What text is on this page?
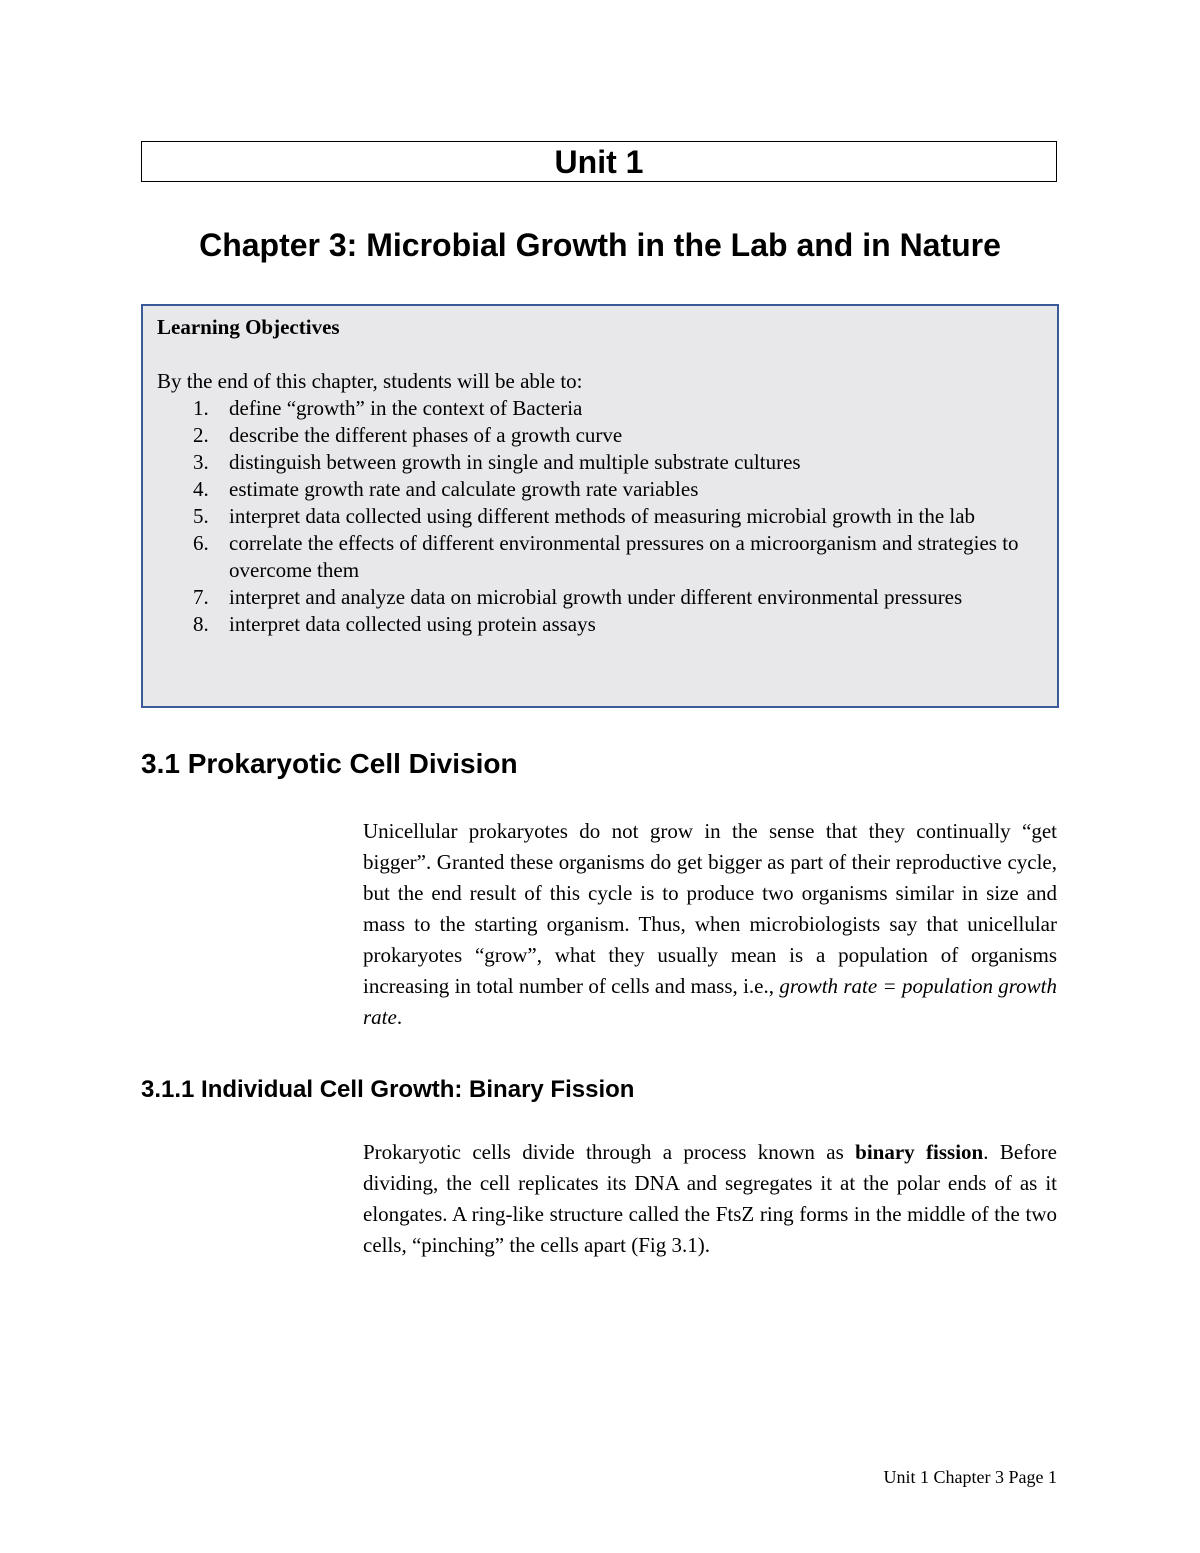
Unit 1
Chapter 3: Microbial Growth in the Lab and in Nature

Learning Objectives

By the end of this chapter, students will be able to:

1. define “growth” in the context of Bacteria
2. describe the different phases of a growth curve
3. distinguish between growth in single and multiple substrate cultures
4. estimate growth rate and calculate growth rate variables
5. interpret data collected using different methods of measuring microbial growth in the lab
6. correlate the effects of different environmental pressures on a microorganism and strategies to overcome them
7. interpret and analyze data on microbial growth under different environmental pressures
8. interpret data collected using protein assays
3.1 Prokaryotic Cell Division

Unicellular prokaryotes do not grow in the sense that they continually “get bigger”. Granted these organisms do get bigger as part of their reproductive cycle, but the end result of this cycle is to produce two organisms similar in size and mass to the starting organism. Thus, when microbiologists say that unicellular prokaryotes “grow”, what they usually mean is a population of organisms increasing in total number of cells and mass, i.e., growth rate = population growth rate.

3.1.1 Individual Cell Growth: Binary Fission

Prokaryotic cells divide through a process known as binary fission. Before dividing, the cell replicates its DNA and segregates it at the polar ends of as it elongates. A ring-like structure called the FtsZ ring forms in the middle of the two cells, “pinching” the cells apart (Fig 3.1).

Unit 1 Chapter 3 Page 1
